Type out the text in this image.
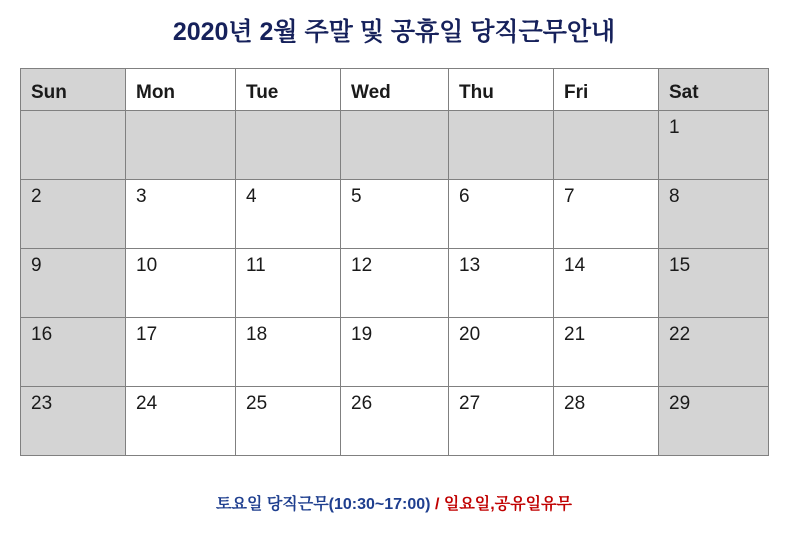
2020년 2월 주말 및 공휴일 당직근무안내
Sun	Mon	Tue	Wed	Thu	Fri	Sat
						1
2	3	4	5	6	7	8
9	10	11	12	13	14	15
16	17	18	19	20	21	22
23	24	25	26	27	28	29
토요일 당직근무(10:30~17:00) / 일요일,공유일유무
